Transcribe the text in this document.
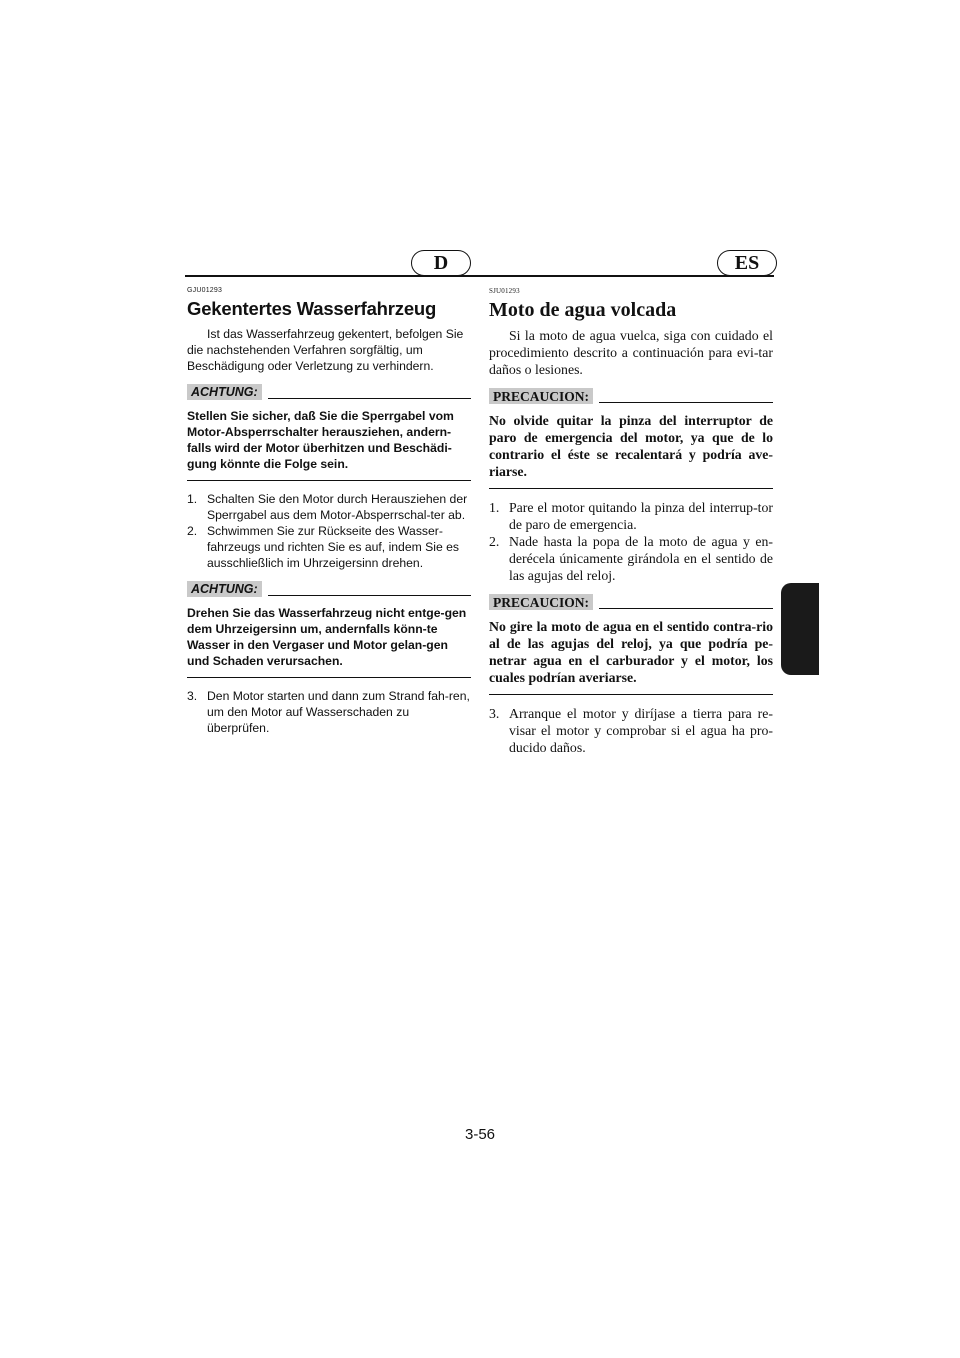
D	ES
GJU01293
Gekentertes Wasserfahrzeug

Ist das Wasserfahrzeug gekentert, befolgen Sie die nachstehenden Verfahren sorgfältig, um Beschädigung oder Verletzung zu verhindern.

ACHTUNG:

Stellen Sie sicher, daß Sie die Sperrgabel vom Motor-Absperrschalter herausziehen, andern-falls wird der Motor überhitzen und Beschädi-gung könnte die Folge sein.

1. Schalten Sie den Motor durch Herausziehen der Sperrgabel aus dem Motor-Absperrschal-ter ab.
2. Schwimmen Sie zur Rückseite des Wasser-fahrzeugs und richten Sie es auf, indem Sie es ausschließlich im Uhrzeigersinn drehen.
ACHTUNG:

Drehen Sie das Wasserfahrzeug nicht entge-gen dem Uhrzeigersinn um, andernfalls könn-te Wasser in den Vergaser und Motor gelan-gen und Schaden verursachen.

3. Den Motor starten und dann zum Strand fah-ren, um den Motor auf Wasserschaden zu überprüfen.
SJU01293
Moto de agua volcada

Si la moto de agua vuelca, siga con cuidado el procedimiento descrito a continuación para evi-tar daños o lesiones.

PRECAUCION:

No olvide quitar la pinza del interruptor de paro de emergencia del motor, ya que de lo contrario el éste se recalentará y podría ave-riarse.

1. Pare el motor quitando la pinza del interrup-tor de paro de emergencia.
2. Nade hasta la popa de la moto de agua y en-derécela únicamente girándola en el sentido de las agujas del reloj.
PRECAUCION:

No gire la moto de agua en el sentido contra-rio al de las agujas del reloj, ya que podría pe-netrar agua en el carburador y el motor, los cuales podrían averiarse.

3. Arranque el motor y diríjase a tierra para re-visar el motor y comprobar si el agua ha pro-ducido daños.
3-56
